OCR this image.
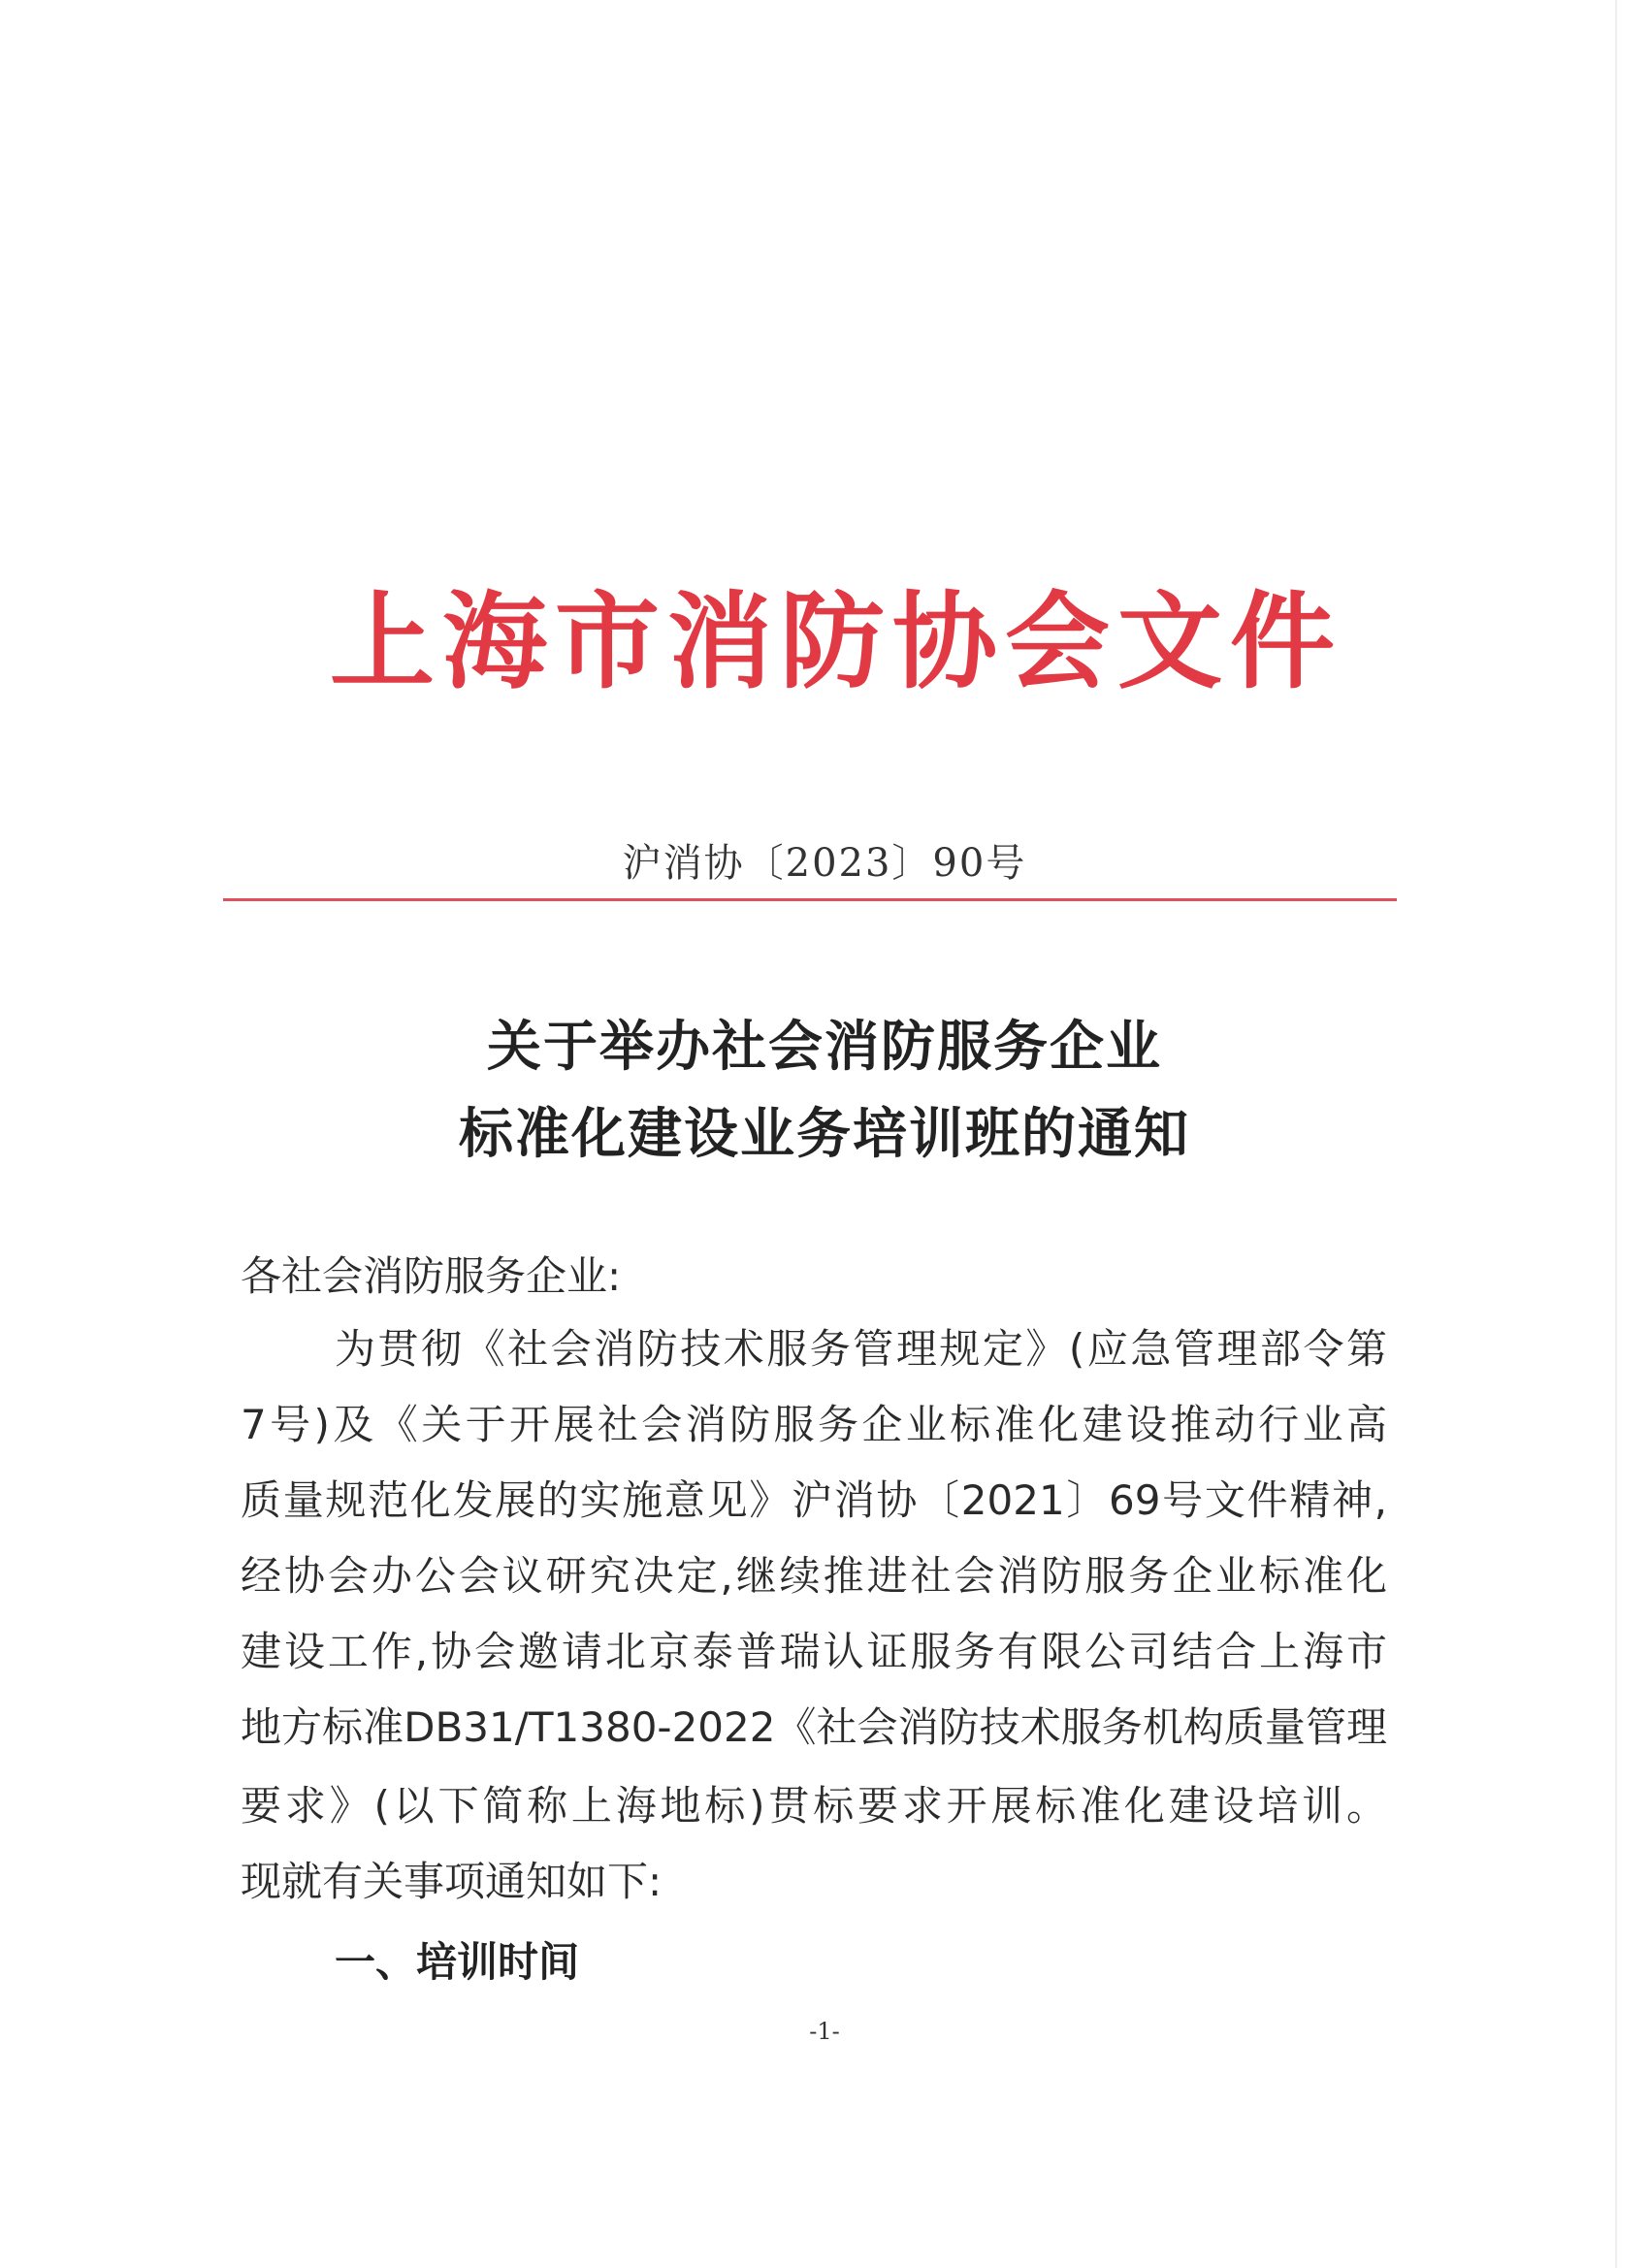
上海市消防协会文件
沪消协〔2023〕90号
关于举办社会消防服务企业
标准化建设业务培训班的通知
各社会消防服务企业:
为贯彻《社会消防技术服务管理规定》(应急管理部令第
7号)及《关于开展社会消防服务企业标准化建设推动行业高
质量规范化发展的实施意见》沪消协〔2021〕69号文件精神,
经协会办公会议研究决定,继续推进社会消防服务企业标准化
建设工作,协会邀请北京泰普瑞认证服务有限公司结合上海市
地方标准DB31/T1380-2022《社会消防技术服务机构质量管理
要求》(以下简称上海地标)贯标要求开展标准化建设培训。
现就有关事项通知如下:
一、培训时间
-1-
